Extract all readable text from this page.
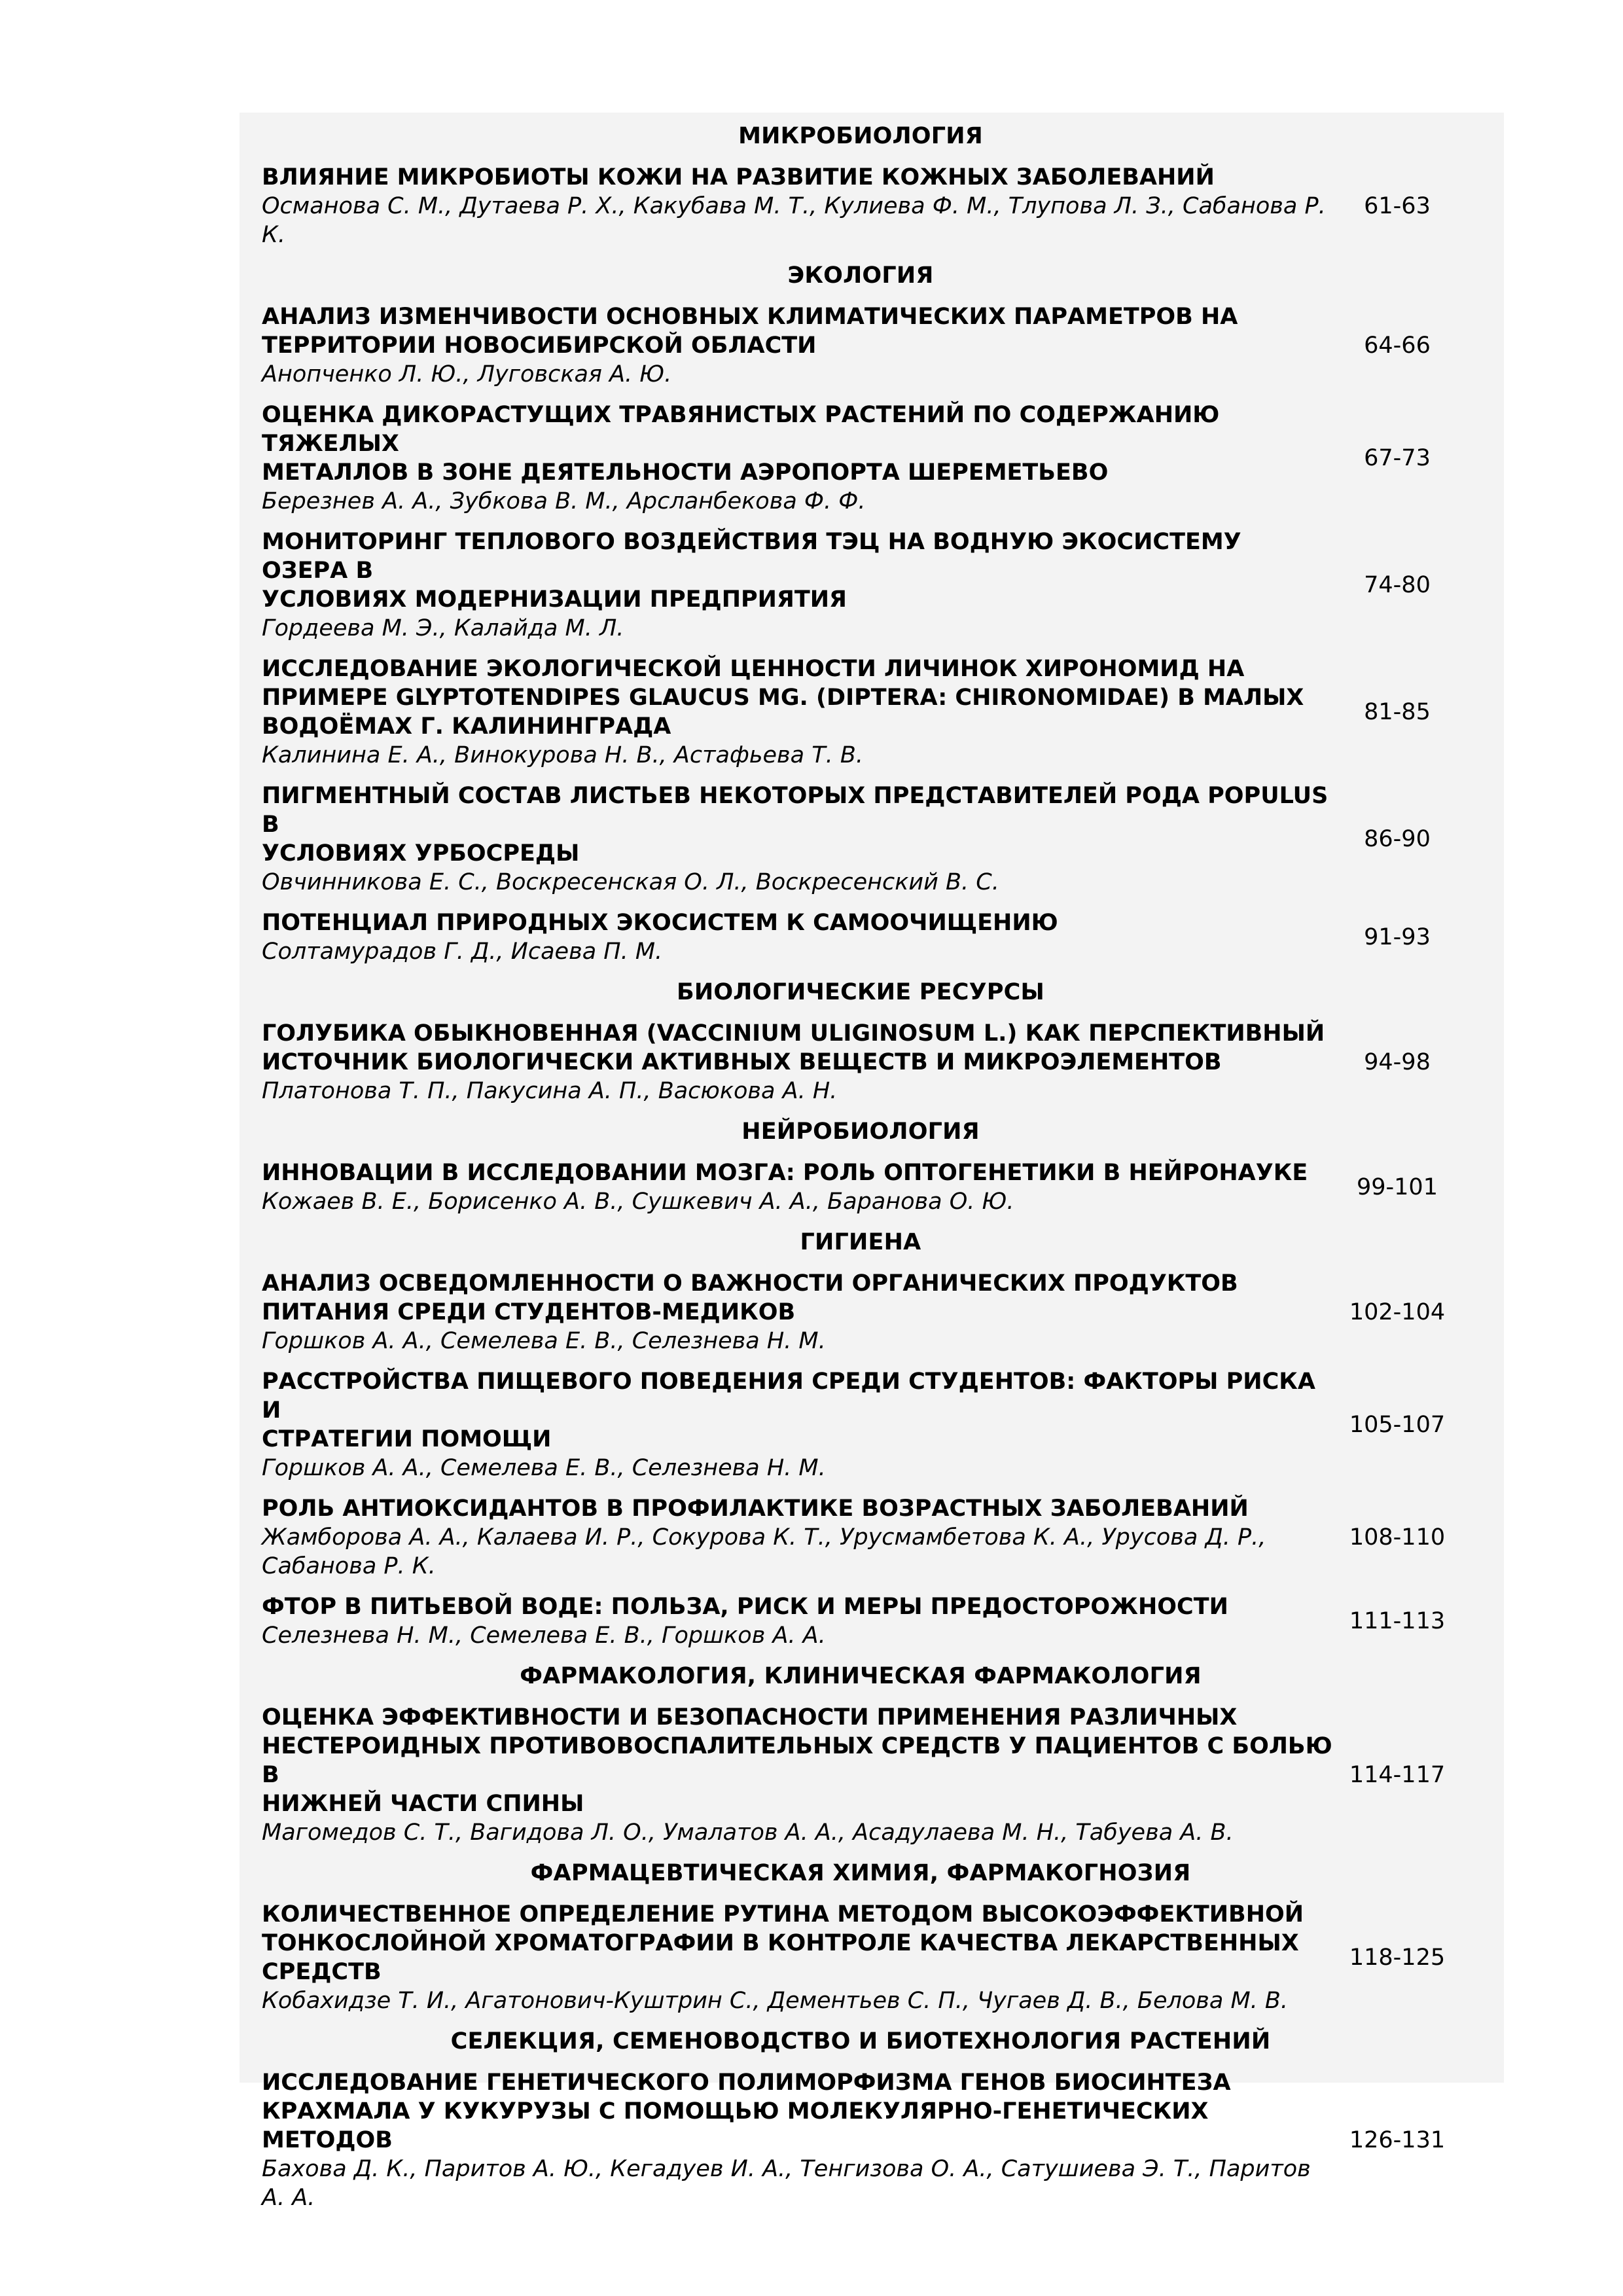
МИКРОБИОЛОГИЯ
ВЛИЯНИЕ МИКРОБИОТЫ КОЖИ НА РАЗВИТИЕ КОЖНЫХ ЗАБОЛЕВАНИЙ
Османова С. М., Дутаева Р. Х., Какубава М. Т., Кулиева Ф. М., Тлупова Л. З., Сабанова Р. К.
61-63
ЭКОЛОГИЯ
АНАЛИЗ ИЗМЕНЧИВОСТИ ОСНОВНЫХ КЛИМАТИЧЕСКИХ ПАРАМЕТРОВ НА
ТЕРРИТОРИИ НОВОСИБИРСКОЙ ОБЛАСТИ
Анопченко Л. Ю., Луговская А. Ю.
64-66
ОЦЕНКА ДИКОРАСТУЩИХ ТРАВЯНИСТЫХ РАСТЕНИЙ ПО СОДЕРЖАНИЮ ТЯЖЕЛЫХ
МЕТАЛЛОВ В ЗОНЕ ДЕЯТЕЛЬНОСТИ АЭРОПОРТА ШЕРЕМЕТЬЕВО
Березнев А. А., Зубкова В. М., Арсланбекова Ф. Ф.
67-73
МОНИТОРИНГ ТЕПЛОВОГО ВОЗДЕЙСТВИЯ ТЭЦ НА ВОДНУЮ ЭКОСИСТЕМУ ОЗЕРА В
УСЛОВИЯХ МОДЕРНИЗАЦИИ ПРЕДПРИЯТИЯ
Гордеева М. Э., Калайда М. Л.
74-80
ИССЛЕДОВАНИЕ ЭКОЛОГИЧЕСКОЙ ЦЕННОСТИ ЛИЧИНОК ХИРОНОМИД НА
ПРИМЕРЕ GLYPTOTENDIPES GLAUCUS MG. (DIPTERA: CHIRONOMIDAE) В МАЛЫХ
ВОДОЁМАХ Г. КАЛИНИНГРАДА
Калинина Е. А., Винокурова Н. В., Астафьева Т. В.
81-85
ПИГМЕНТНЫЙ СОСТАВ ЛИСТЬЕВ НЕКОТОРЫХ ПРЕДСТАВИТЕЛЕЙ РОДА POPULUS В
УСЛОВИЯХ УРБОСРЕДЫ
Овчинникова Е. С., Воскресенская О. Л., Воскресенский В. С.
86-90
ПОТЕНЦИАЛ ПРИРОДНЫХ ЭКОСИСТЕМ К САМООЧИЩЕНИЮ
Солтамурадов Г. Д., Исаева П. М.
91-93
БИОЛОГИЧЕСКИЕ РЕСУРСЫ
ГОЛУБИКА ОБЫКНОВЕННАЯ (VACCINIUM ULIGINOSUM L.) КАК ПЕРСПЕКТИВНЫЙ
ИСТОЧНИК БИОЛОГИЧЕСКИ АКТИВНЫХ ВЕЩЕСТВ И МИКРОЭЛЕМЕНТОВ
Платонова Т. П., Пакусина А. П., Васюкова А. Н.
94-98
НЕЙРОБИОЛОГИЯ
ИННОВАЦИИ В ИССЛЕДОВАНИИ МОЗГА: РОЛЬ ОПТОГЕНЕТИКИ В НЕЙРОНАУКЕ
Кожаев В. Е., Борисенко А. В., Сушкевич А. А., Баранова О. Ю.
99-101
ГИГИЕНА
АНАЛИЗ ОСВЕДОМЛЕННОСТИ О ВАЖНОСТИ ОРГАНИЧЕСКИХ ПРОДУКТОВ
ПИТАНИЯ СРЕДИ СТУДЕНТОВ-МЕДИКОВ
Горшков А. А., Семелева Е. В., Селезнева Н. М.
102-104
РАССТРОЙСТВА ПИЩЕВОГО ПОВЕДЕНИЯ СРЕДИ СТУДЕНТОВ: ФАКТОРЫ РИСКА И
СТРАТЕГИИ ПОМОЩИ
Горшков А. А., Семелева Е. В., Селезнева Н. М.
105-107
РОЛЬ АНТИОКСИДАНТОВ В ПРОФИЛАКТИКЕ ВОЗРАСТНЫХ ЗАБОЛЕВАНИЙ
Жамборова А. А., Калаева И. Р., Сокурова К. Т., Урусмамбетова К. А., Урусова Д. Р.,
Сабанова Р. К.
108-110
ФТОР В ПИТЬЕВОЙ ВОДЕ: ПОЛЬЗА, РИСК И МЕРЫ ПРЕДОСТОРОЖНОСТИ
Селезнева Н. М., Семелева Е. В., Горшков А. А.
111-113
ФАРМАКОЛОГИЯ, КЛИНИЧЕСКАЯ ФАРМАКОЛОГИЯ
ОЦЕНКА ЭФФЕКТИВНОСТИ И БЕЗОПАСНОСТИ ПРИМЕНЕНИЯ РАЗЛИЧНЫХ
НЕСТЕРОИДНЫХ ПРОТИВОВОСПАЛИТЕЛЬНЫХ СРЕДСТВ У ПАЦИЕНТОВ С БОЛЬЮ В
НИЖНЕЙ ЧАСТИ СПИНЫ
Магомедов С. Т., Вагидова Л. О., Умалатов А. А., Асадулаева М. Н., Табуева А. В.
114-117
ФАРМАЦЕВТИЧЕСКАЯ ХИМИЯ, ФАРМАКОГНОЗИЯ
КОЛИЧЕСТВЕННОЕ ОПРЕДЕЛЕНИЕ РУТИНА МЕТОДОМ ВЫСОКОЭФФЕКТИВНОЙ
ТОНКОСЛОЙНОЙ ХРОМАТОГРАФИИ В КОНТРОЛЕ КАЧЕСТВА ЛЕКАРСТВЕННЫХ
СРЕДСТВ
Кобахидзе Т. И., Агатонович-Куштрин С., Дементьев С. П., Чугаев Д. В., Белова М. В.
118-125
СЕЛЕКЦИЯ, СЕМЕНОВОДСТВО И БИОТЕХНОЛОГИЯ РАСТЕНИЙ
ИССЛЕДОВАНИЕ ГЕНЕТИЧЕСКОГО ПОЛИМОРФИЗМА ГЕНОВ БИОСИНТЕЗА
КРАХМАЛА У КУКУРУЗЫ С ПОМОЩЬЮ МОЛЕКУЛЯРНО-ГЕНЕТИЧЕСКИХ МЕТОДОВ
Бахова Д. К., Паритов А. Ю., Кегадуев И. А., Тенгизова О. А., Сатушиева Э. Т., Паритов А. А.
126-131
